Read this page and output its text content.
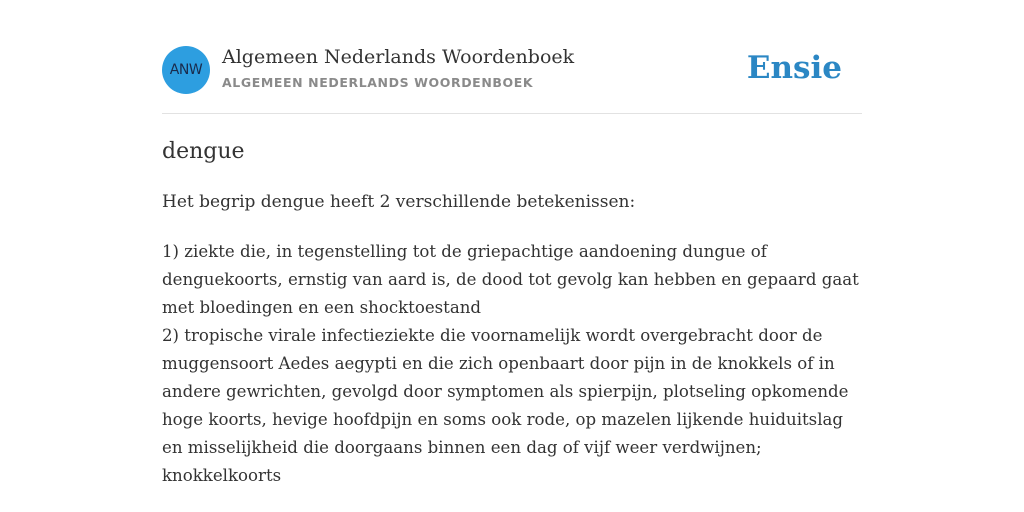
ANW
Algemeen Nederlands Woordenboek
ALGEMEEN NEDERLANDS WOORDENBOEK	Ensie
dengue
Het begrip dengue heeft 2 verschillende betekenissen:

1) ziekte die, in tegenstelling tot de griepachtige aandoening dungue of denguekoorts, ernstig van aard is, de dood tot gevolg kan hebben en gepaard gaat met bloedingen en een shocktoestand

2) tropische virale infectieziekte die voornamelijk wordt overgebracht door de muggensoort Aedes aegypti en die zich openbaart door pijn in de knokkels of in andere gewrichten, gevolgd door symptomen als spierpijn, plotseling opkomende hoge koorts, hevige hoofdpijn en soms ook rode, op mazelen lijkende huiduitslag en misselijkheid die doorgaans binnen een dag of vijf weer verdwijnen; knokkelkoorts
